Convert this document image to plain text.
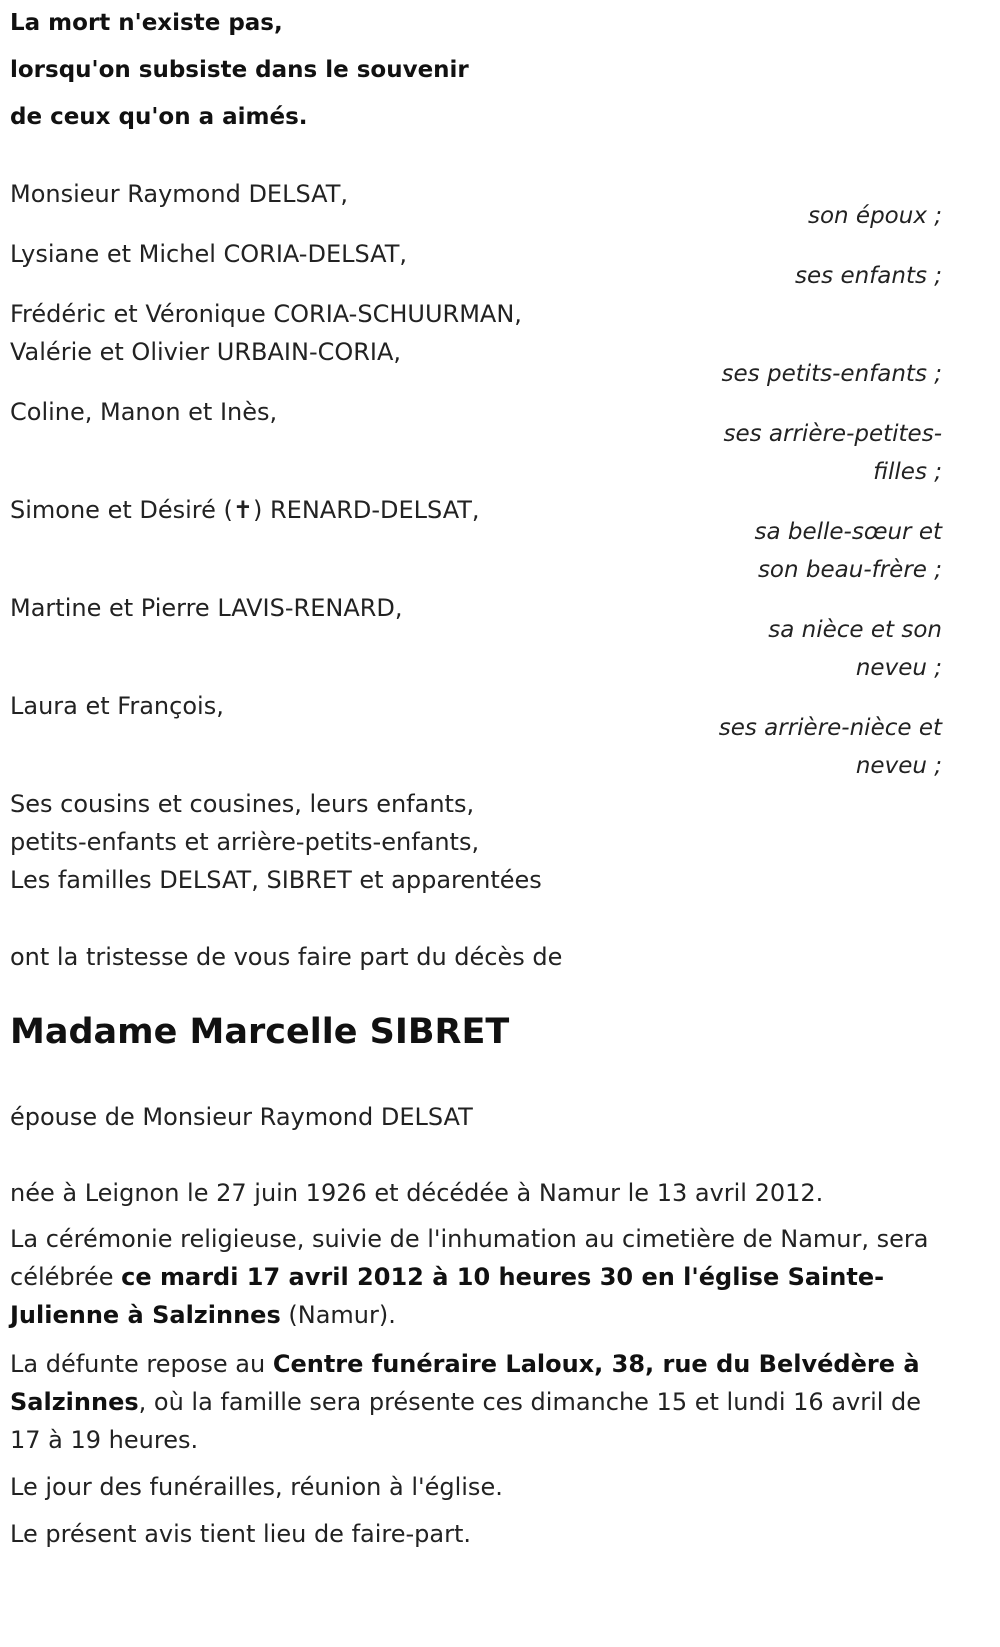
La mort n'existe pas,
lorsqu'on subsiste dans le souvenir
de ceux qu'on a aimés.
Monsieur Raymond DELSAT,
son époux ;
Lysiane et Michel CORIA-DELSAT,
ses enfants ;
Frédéric et Véronique CORIA-SCHUURMAN,
Valérie et Olivier URBAIN-CORIA,
ses petits-enfants ;
Coline, Manon et Inès,
ses arrière-petites-
filles ;
Simone et Désiré (✝) RENARD-DELSAT,
sa belle-sœur et
son beau-frère ;
Martine et Pierre LAVIS-RENARD,
sa nièce et son
neveu ;
Laura et François,
ses arrière-nièce et
neveu ;
Ses cousins et cousines, leurs enfants,
petits-enfants et arrière-petits-enfants,
Les familles DELSAT, SIBRET et apparentées
ont la tristesse de vous faire part du décès de
Madame Marcelle SIBRET
épouse de Monsieur Raymond DELSAT
née à Leignon le 27 juin 1926 et décédée à Namur le 13 avril 2012.
La cérémonie religieuse, suivie de l'inhumation au cimetière de Namur, sera célébrée ce mardi 17 avril 2012 à 10 heures 30 en l'église Sainte-Julienne à Salzinnes (Namur).
La défunte repose au Centre funéraire Laloux, 38, rue du Belvédère à Salzinnes, où la famille sera présente ces dimanche 15 et lundi 16 avril de 17 à 19 heures.
Le jour des funérailles, réunion à l'église.
Le présent avis tient lieu de faire-part.
